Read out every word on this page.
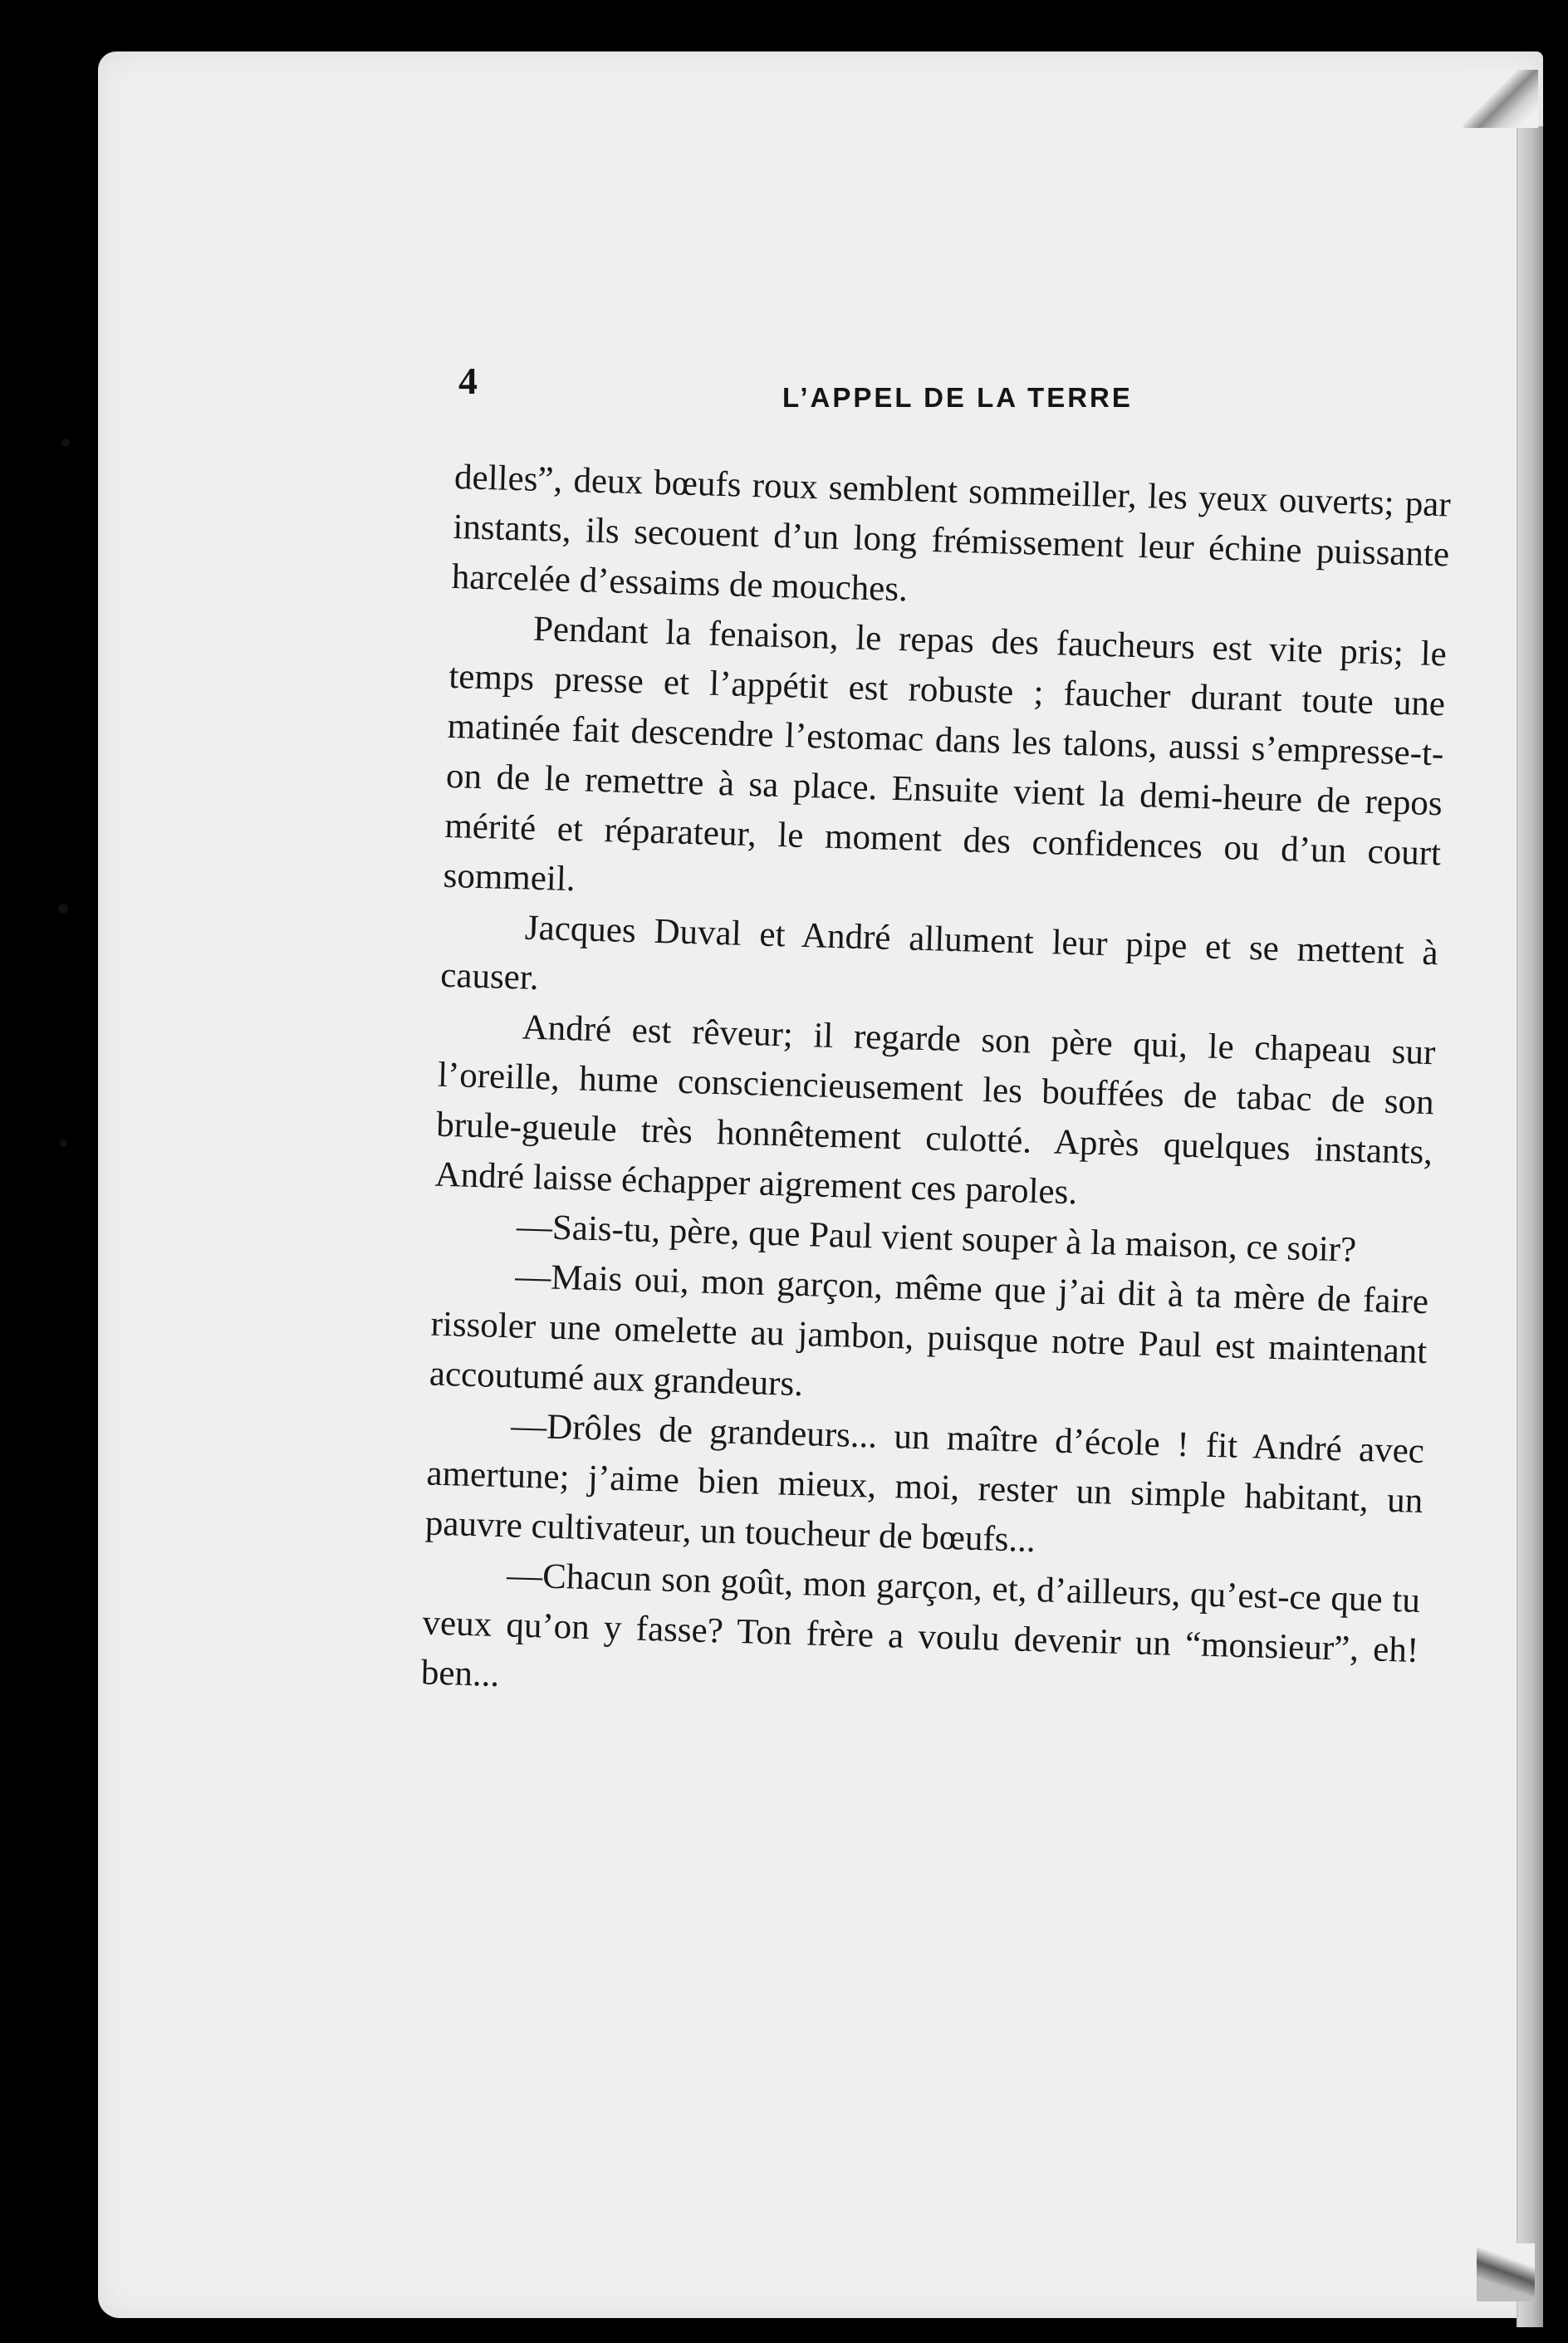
4	L’APPEL DE LA TERRE

delles”, deux bœufs roux semblent sommeiller, les yeux ouverts; par instants, ils secouent d’un long frémissement leur échine puissante harcelée d’essaims de mouches.

Pendant la fenaison, le repas des faucheurs est vite pris; le temps presse et l’appétit est robuste ; faucher durant toute une matinée fait descendre l’estomac dans les talons, aussi s’empresse-t-on de le remettre à sa place. Ensuite vient la demi-heure de repos mérité et réparateur, le moment des confidences ou d’un court sommeil.

Jacques Duval et André allument leur pipe et se mettent à causer.

André est rêveur; il regarde son père qui, le chapeau sur l’oreille, hume consciencieusement les bouffées de tabac de son brule-gueule très honnêtement culotté. Après quelques instants, André laisse échapper aigrement ces paroles.

—Sais-tu, père, que Paul vient souper à la maison, ce soir?

—Mais oui, mon garçon, même que j’ai dit à ta mère de faire rissoler une omelette au jambon, puisque notre Paul est maintenant accoutumé aux grandeurs.

—Drôles de grandeurs... un maître d’école ! fit André avec amertune; j’aime bien mieux, moi, rester un simple habitant, un pauvre cultivateur, un toucheur de bœufs...

—Chacun son goût, mon garçon, et, d’ailleurs, qu’est-ce que tu veux qu’on y fasse? Ton frère a voulu devenir un “monsieur”, eh! ben...
